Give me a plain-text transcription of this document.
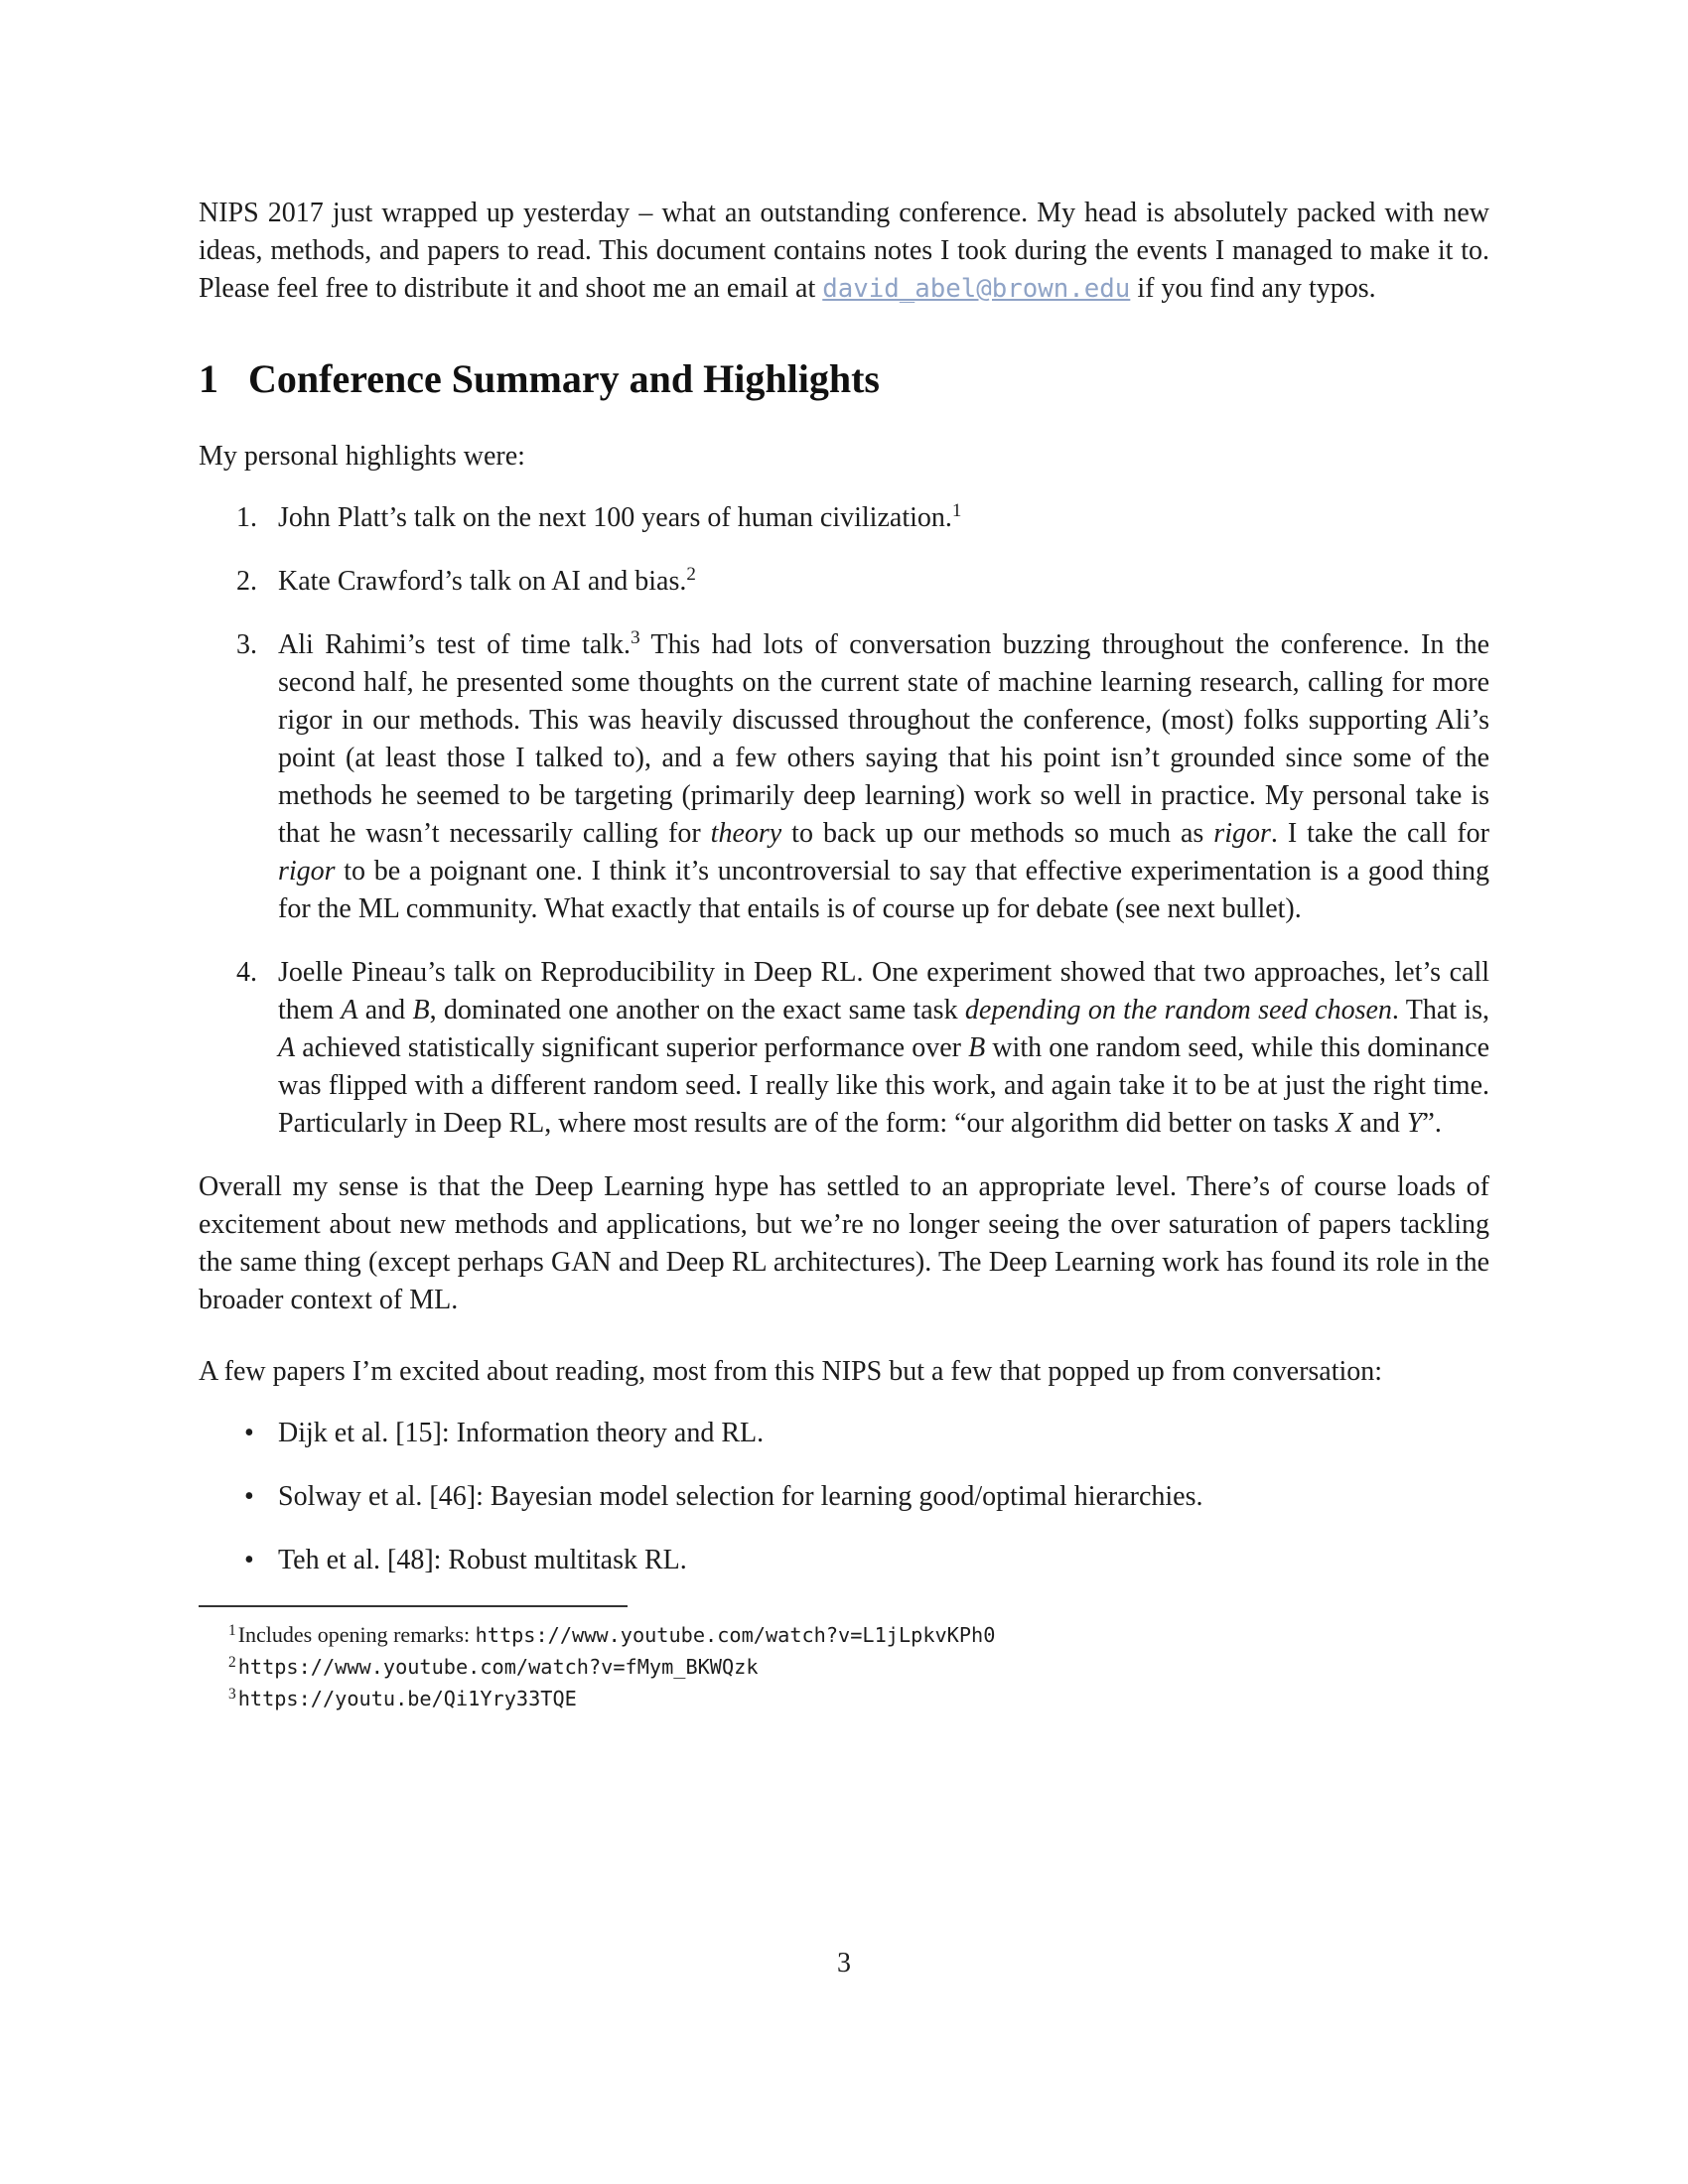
NIPS 2017 just wrapped up yesterday – what an outstanding conference. My head is absolutely packed with new ideas, methods, and papers to read. This document contains notes I took during the events I managed to make it to. Please feel free to distribute it and shoot me an email at david_abel@brown.edu if you find any typos.

1 Conference Summary and Highlights

My personal highlights were:

1. John Platt’s talk on the next 100 years of human civilization.$^1$
2. Kate Crawford’s talk on AI and bias.$^2$
3. Ali Rahimi’s test of time talk.$^3$ This had lots of conversation buzzing throughout the conference. In the second half, he presented some thoughts on the current state of machine learning research, calling for more rigor in our methods. This was heavily discussed throughout the conference, (most) folks supporting Ali’s point (at least those I talked to), and a few others saying that his point isn’t grounded since some of the methods he seemed to be targeting (primarily deep learning) work so well in practice. My personal take is that he wasn’t necessarily calling for theory to back up our methods so much as rigor. I take the call for rigor to be a poignant one. I think it’s uncontroversial to say that effective experimentation is a good thing for the ML community. What exactly that entails is of course up for debate (see next bullet).
4. Joelle Pineau’s talk on Reproducibility in Deep RL. One experiment showed that two approaches, let’s call them A and B, dominated one another on the exact same task depending on the random seed chosen. That is, A achieved statistically significant superior performance over B with one random seed, while this dominance was flipped with a different random seed. I really like this work, and again take it to be at just the right time. Particularly in Deep RL, where most results are of the form: “our algorithm did better on tasks X and Y”.

Overall my sense is that the Deep Learning hype has settled to an appropriate level. There’s of course loads of excitement about new methods and applications, but we’re no longer seeing the over saturation of papers tackling the same thing (except perhaps GAN and Deep RL architectures). The Deep Learning work has found its role in the broader context of ML.

A few papers I’m excited about reading, most from this NIPS but a few that popped up from conversation:

• Dijk et al. [15]: Information theory and RL.
• Solway et al. [46]: Bayesian model selection for learning good/optimal hierarchies.
• Teh et al. [48]: Robust multitask RL.
$^1$Includes opening remarks: https://www.youtube.com/watch?v=L1jLpkvKPh0
$^2$https://www.youtube.com/watch?v=fMym_BKWQzk
$^3$https://youtu.be/Qi1Yry33TQE
3
